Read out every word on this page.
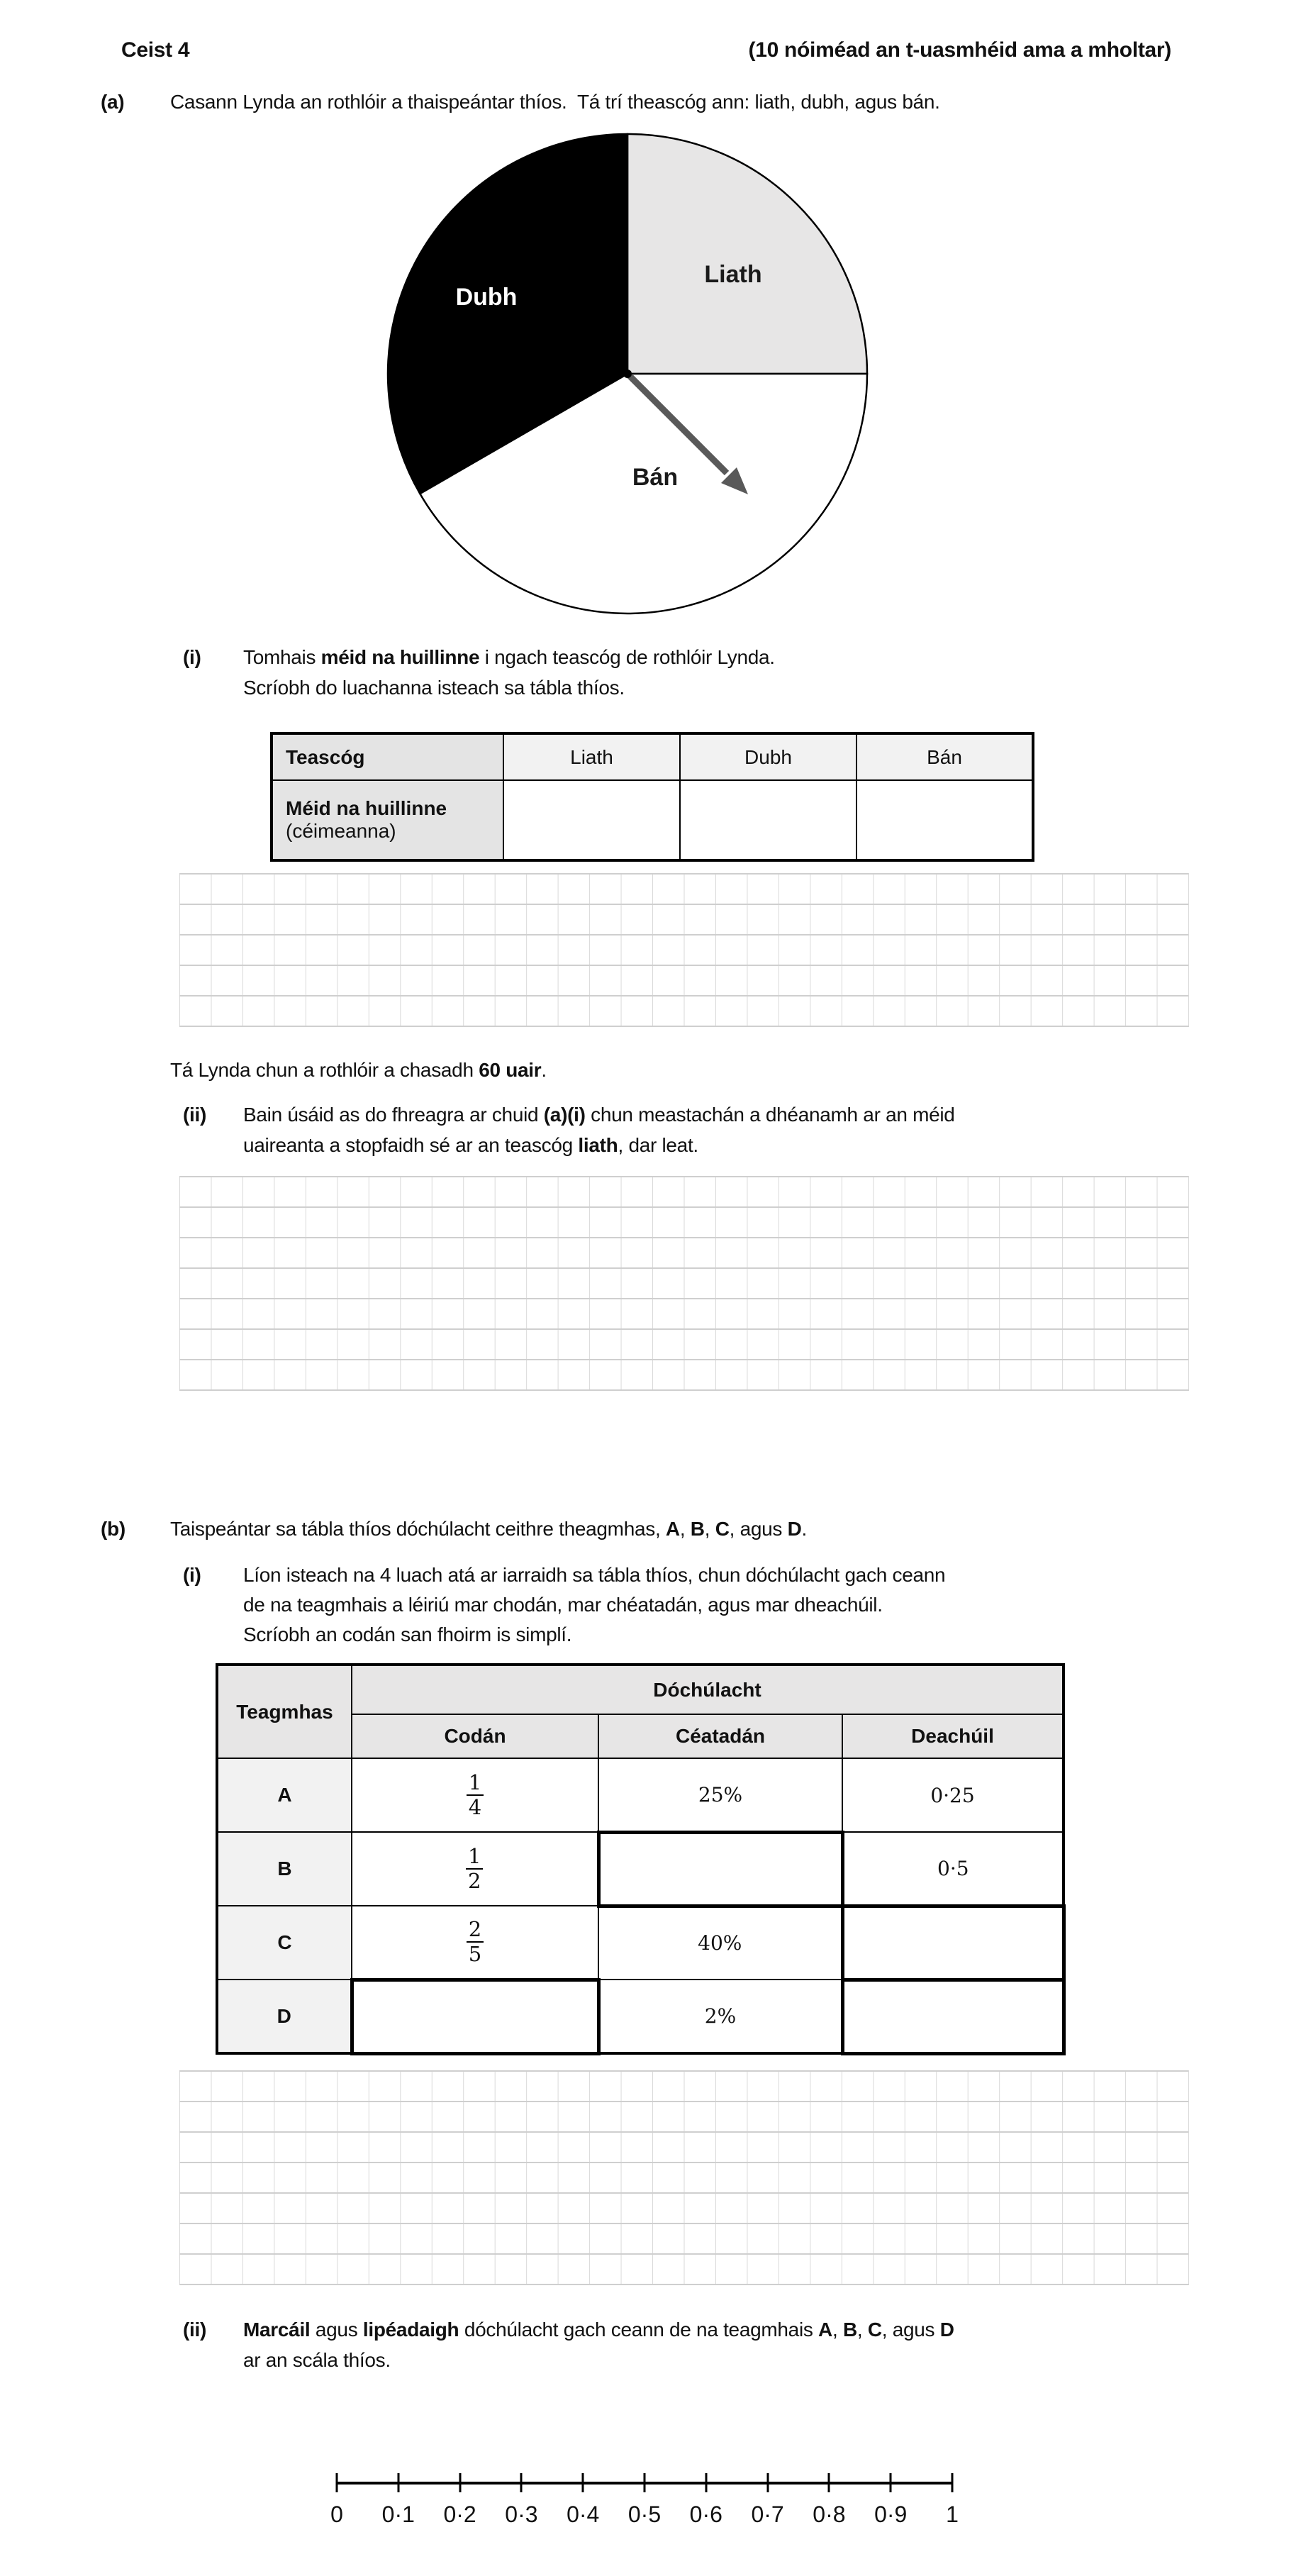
Ceist 4	(10 nóiméad an t-uasmhéid ama a mholtar)
(a) Casann Lynda an rothlóir a thaispeántar thíos.  Tá trí theascóg ann: liath, dubh, agus bán.
Liath
Dubh
Bán
(i) Tomhais méid na huillinne i ngach teascóg de rothlóir Lynda.
Scríobh do luachanna isteach sa tábla thíos.
Teascóg	Liath	Dubh	Bán

Méid na huillinne
(céimeanna)			

Tá Lynda chun a rothlóir a chasadh 60 uair.
(ii) Bain úsáid as do fhreagra ar chuid (a)(i) chun meastachán a dhéanamh ar an méid
uaireanta a stopfaidh sé ar an teascóg liath, dar leat.
(b) Taispeántar sa tábla thíos dóchúlacht ceithre theagmhas, A, B, C, agus D.
(i) Líon isteach na 4 luach atá ar iarraidh sa tábla thíos, chun dóchúlacht gach ceann
de na teagmhais a léiriú mar chodán, mar chéatadán, agus mar dheachúil.
Scríobh an codán san fhoirm is simplí.
Teagmhas	Dóchúlacht		
	Codán	Céatadán	Deachúil
A	$\frac{1}{4}$	25%	0·25
B	$\frac{1}{2}$		0·5
C	$\frac{2}{5}$	40%	
D		2%	
(ii) Marcáil agus lipéadaigh dóchúlacht gach ceann de na teagmhais A, B, C, agus D
ar an scála thíos.
0 0·1 0·2 0·3 0·4 0·5 0·6 0·7 0·8 0·9 1
